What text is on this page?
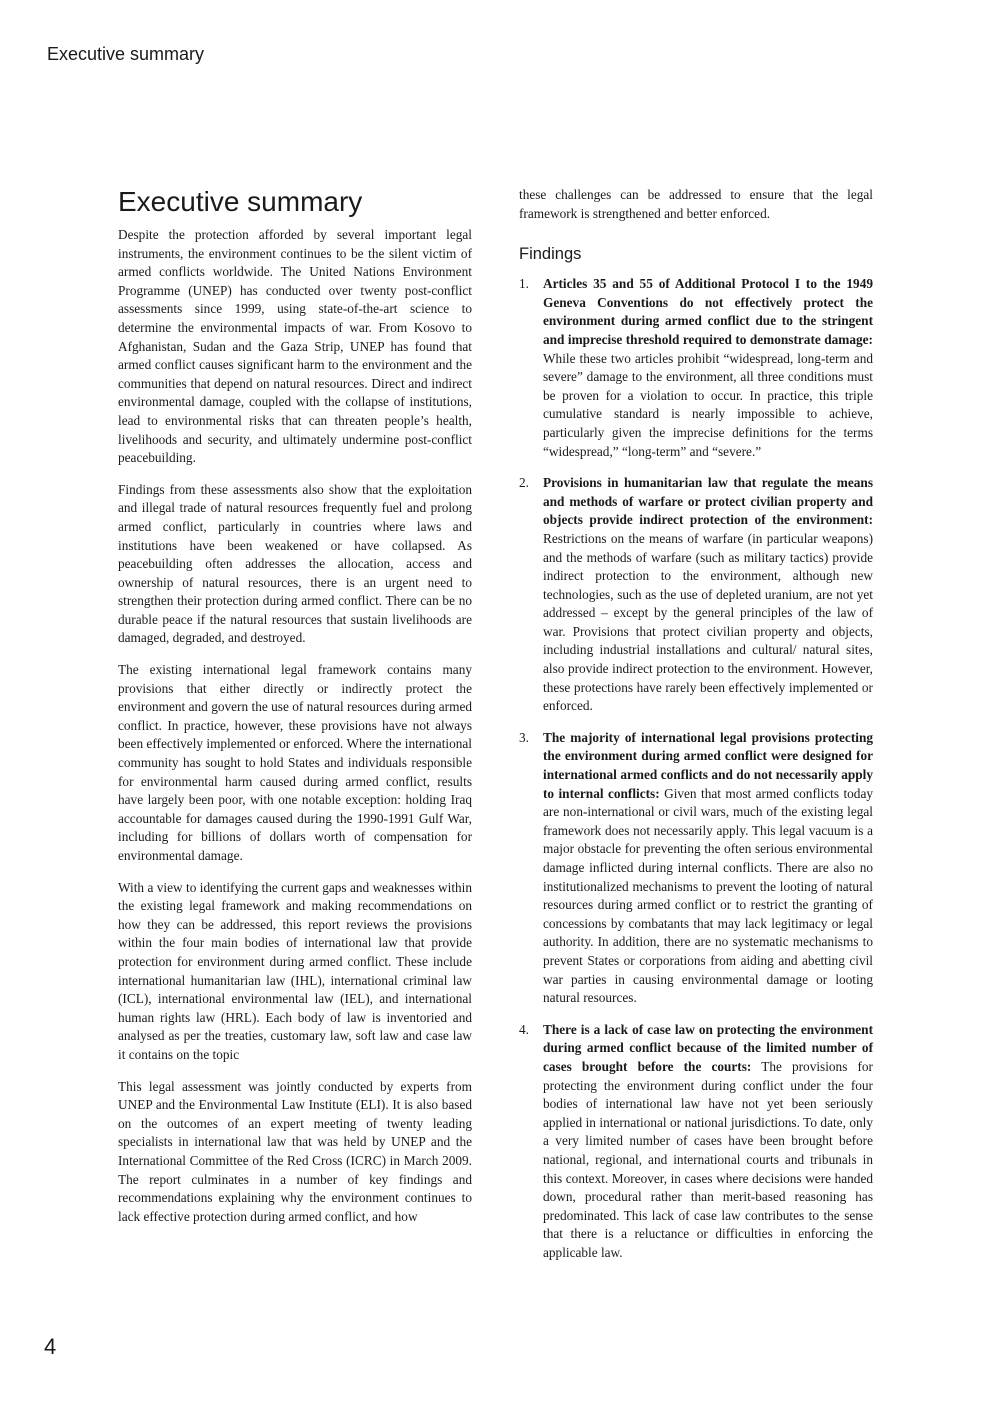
Executive summary

Executive summary

Despite the protection afforded by several important legal instruments, the environment continues to be the silent victim of armed conflicts worldwide. The United Nations Environment Programme (UNEP) has conducted over twenty post-conflict assessments since 1999, using state-of-the-art science to determine the environmental impacts of war. From Kosovo to Afghanistan, Sudan and the Gaza Strip, UNEP has found that armed conflict causes significant harm to the environment and the communities that depend on natural resources. Direct and indirect environmental damage, coupled with the collapse of institutions, lead to environmental risks that can threaten people’s health, livelihoods and security, and ultimately undermine post-conflict peacebuilding.

Findings from these assessments also show that the exploitation and illegal trade of natural resources frequently fuel and prolong armed conflict, particularly in countries where laws and institutions have been weakened or have collapsed. As peacebuilding often addresses the allocation, access and ownership of natural resources, there is an urgent need to strengthen their protection during armed conflict. There can be no durable peace if the natural resources that sustain livelihoods are damaged, degraded, and destroyed.

The existing international legal framework contains many provisions that either directly or indirectly protect the environment and govern the use of natural resources during armed conflict. In practice, however, these provisions have not always been effectively implemented or enforced. Where the international community has sought to hold States and individuals responsible for environmental harm caused during armed conflict, results have largely been poor, with one notable exception: holding Iraq accountable for damages caused during the 1990-1991 Gulf War, including for billions of dollars worth of compensation for environmental damage.

With a view to identifying the current gaps and weaknesses within the existing legal framework and making recommendations on how they can be addressed, this report reviews the provisions within the four main bodies of international law that provide protection for environment during armed conflict. These include international humanitarian law (IHL), international criminal law (ICL), international environmental law (IEL), and international human rights law (HRL). Each body of law is inventoried and analysed as per the treaties, customary law, soft law and case law it contains on the topic

This legal assessment was jointly conducted by experts from UNEP and the Environmental Law Institute (ELI). It is also based on the outcomes of an expert meeting of twenty leading specialists in international law that was held by UNEP and the International Committee of the Red Cross (ICRC) in March 2009. The report culminates in a number of key findings and recommendations explaining why the environment continues to lack effective protection during armed conflict, and how

these challenges can be addressed to ensure that the legal framework is strengthened and better enforced.

Findings
1. Articles 35 and 55 of Additional Protocol I to the 1949 Geneva Conventions do not effectively protect the environment during armed conflict due to the stringent and imprecise threshold required to demonstrate damage: While these two articles prohibit “widespread, long-term and severe” damage to the environment, all three conditions must be proven for a violation to occur. In practice, this triple cumulative standard is nearly impossible to achieve, particularly given the imprecise definitions for the terms “widespread,” “long-term” and “severe.”
2. Provisions in humanitarian law that regulate the means and methods of warfare or protect civilian property and objects provide indirect protection of the environment: Restrictions on the means of warfare (in particular weapons) and the methods of warfare (such as military tactics) provide indirect protection to the environment, although new technologies, such as the use of depleted uranium, are not yet addressed – except by the general principles of the law of war. Provisions that protect civilian property and objects, including industrial installations and cultural/ natural sites, also provide indirect protection to the environment. However, these protections have rarely been effectively implemented or enforced.
3. The majority of international legal provisions protecting the environment during armed conflict were designed for international armed conflicts and do not necessarily apply to internal conflicts: Given that most armed conflicts today are non-international or civil wars, much of the existing legal framework does not necessarily apply. This legal vacuum is a major obstacle for preventing the often serious environmental damage inflicted during internal conflicts. There are also no institutionalized mechanisms to prevent the looting of natural resources during armed conflict or to restrict the granting of concessions by combatants that may lack legitimacy or legal authority. In addition, there are no systematic mechanisms to prevent States or corporations from aiding and abetting civil war parties in causing environmental damage or looting natural resources.
4. There is a lack of case law on protecting the environment during armed conflict because of the limited number of cases brought before the courts: The provisions for protecting the environment during conflict under the four bodies of international law have not yet been seriously applied in international or national jurisdictions. To date, only a very limited number of cases have been brought before national, regional, and international courts and tribunals in this context. Moreover, in cases where decisions were handed down, procedural rather than merit-based reasoning has predominated. This lack of case law contributes to the sense that there is a reluctance or difficulties in enforcing the applicable law.

4
